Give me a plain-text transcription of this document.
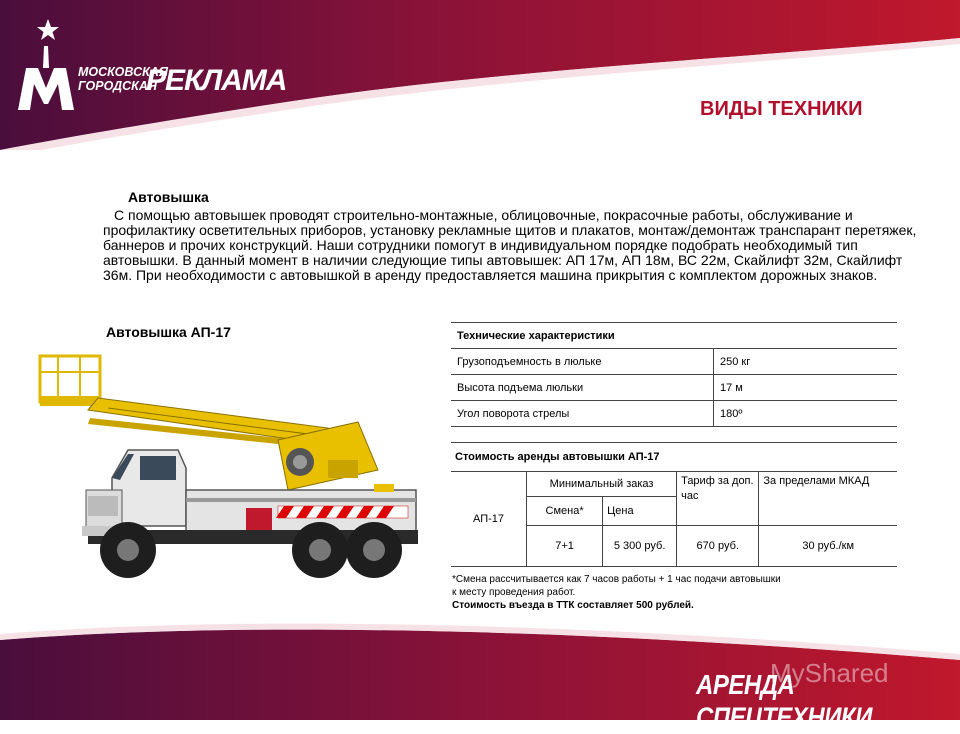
МОСКОВСКАЯ
ГОРОДСКАЯ
РЕКЛАМА
ВИДЫ ТЕХНИКИ
Автовышка
С помощью автовышек проводят строительно-монтажные, облицовочные, покрасочные работы, обслуживание и профилактику осветительных приборов, установку рекламные щитов и плакатов, монтаж/демонтаж транспарант перетяжек, баннеров и прочих конструкций. Наши сотрудники помогут в индивидуальном порядке подобрать необходимый тип автовышки. В данный момент в наличии следующие типы автовышек: АП 17м, АП 18м, ВС 22м, Скайлифт 32м, Скайлифт 36м. При необходимости с автовышкой в аренду предоставляется машина прикрытия с комплектом дорожных знаков.
Автовышка АП-17	Технические характеристики	
Грузоподъемность в люльке	250 кг
Высота подъема люльки	17 м
Угол поворота стрелы	180º
Стоимость аренды автовышки АП-17				
АП-17	Минимальный заказ		Тариф за доп. час	За пределами МКАД
	Смена*	Цена		
	7+1	5 300 руб.	670 руб.	30 руб./км
*Смена рассчитывается как 7 часов работы + 1 час подачи автовышки
к месту проведения работ.
Стоимость въезда в ТТК составляет 500 рублей.
MyShared
АРЕНДА СПЕЦТЕХНИКИ
